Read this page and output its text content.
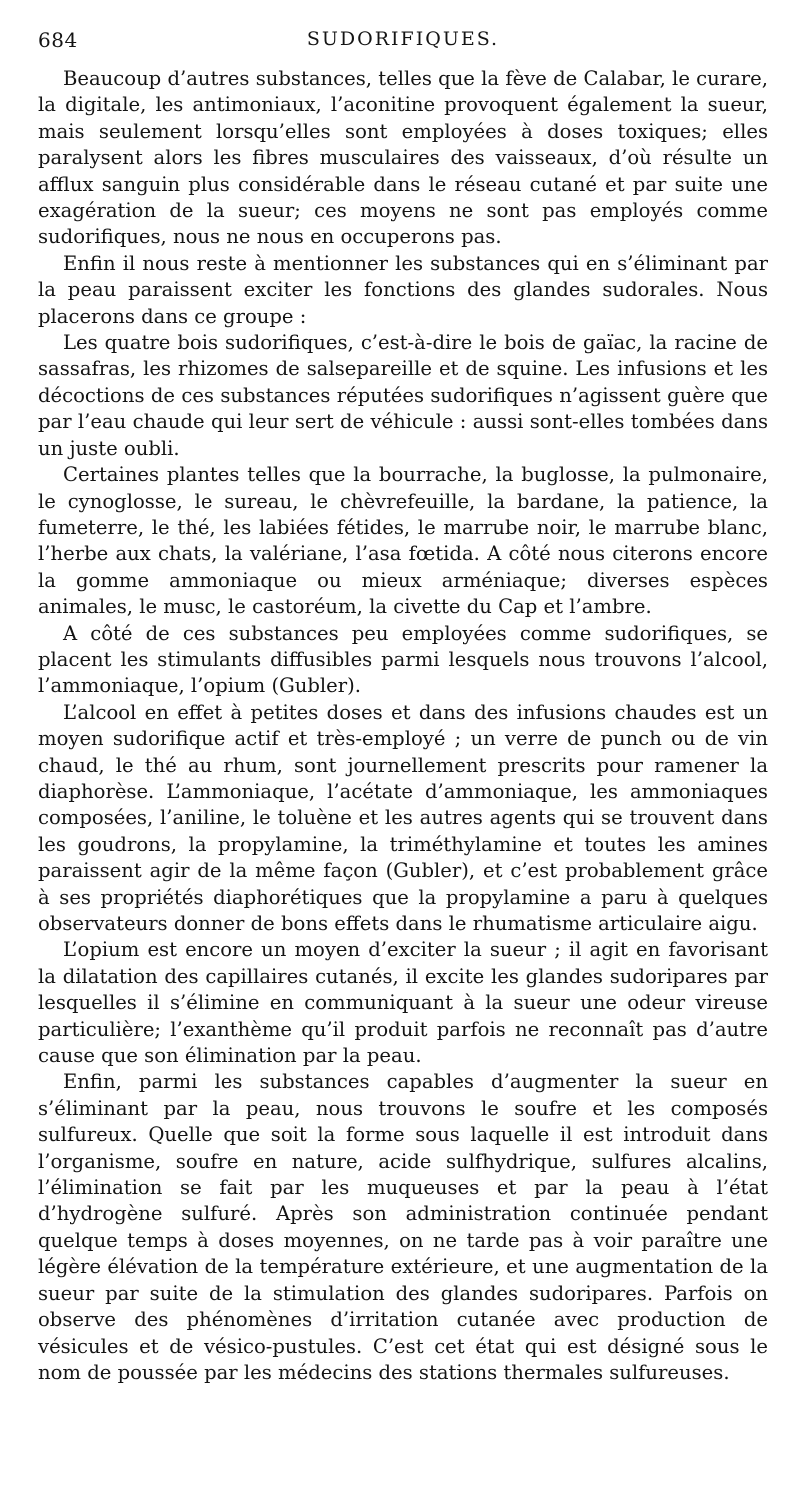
684	SUDORIFIQUES.

Beaucoup d’autres substances, telles que la fève de Calabar, le curare, la digitale, les antimoniaux, l’aconitine provoquent également la sueur, mais seulement lorsqu’elles sont employées à doses toxiques; elles paralysent alors les fibres musculaires des vaisseaux, d’où résulte un afflux sanguin plus considérable dans le réseau cutané et par suite une exagération de la sueur; ces moyens ne sont pas employés comme sudorifiques, nous ne nous en occuperons pas.

Enfin il nous reste à mentionner les substances qui en s’éliminant par la peau paraissent exciter les fonctions des glandes sudorales. Nous placerons dans ce groupe :

Les quatre bois sudorifiques, c’est-à-dire le bois de gaïac, la racine de sassafras, les rhizomes de salsepareille et de squine. Les infusions et les décoctions de ces substances réputées sudorifiques n’agissent guère que par l’eau chaude qui leur sert de véhicule : aussi sont-elles tombées dans un juste oubli.

Certaines plantes telles que la bourrache, la buglosse, la pulmonaire, le cynoglosse, le sureau, le chèvrefeuille, la bardane, la patience, la fumeterre, le thé, les labiées fétides, le marrube noir, le marrube blanc, l’herbe aux chats, la valériane, l’asa fœtida. A côté nous citerons encore la gomme ammoniaque ou mieux arméniaque; diverses espèces animales, le musc, le castoréum, la civette du Cap et l’ambre.

A côté de ces substances peu employées comme sudorifiques, se placent les stimulants diffusibles parmi lesquels nous trouvons l’alcool, l’ammoniaque, l’opium (Gubler).

L’alcool en effet à petites doses et dans des infusions chaudes est un moyen sudorifique actif et très-employé ; un verre de punch ou de vin chaud, le thé au rhum, sont journellement prescrits pour ramener la diaphorèse. L’ammoniaque, l’acétate d’ammoniaque, les ammoniaques composées, l’aniline, le toluène et les autres agents qui se trouvent dans les goudrons, la propylamine, la triméthylamine et toutes les amines paraissent agir de la même façon (Gubler), et c’est probablement grâce à ses propriétés diaphorétiques que la propylamine a paru à quelques observateurs donner de bons effets dans le rhumatisme articulaire aigu.

L’opium est encore un moyen d’exciter la sueur ; il agit en favorisant la dilatation des capillaires cutanés, il excite les glandes sudoripares par lesquelles il s’élimine en communiquant à la sueur une odeur vireuse particulière; l’exanthème qu’il produit parfois ne reconnaît pas d’autre cause que son élimination par la peau.

Enfin, parmi les substances capables d’augmenter la sueur en s’éliminant par la peau, nous trouvons le soufre et les composés sulfureux. Quelle que soit la forme sous laquelle il est introduit dans l’organisme, soufre en nature, acide sulfhydrique, sulfures alcalins, l’élimination se fait par les muqueuses et par la peau à l’état d’hydrogène sulfuré. Après son administration continuée pendant quelque temps à doses moyennes, on ne tarde pas à voir paraître une légère élévation de la température extérieure, et une augmentation de la sueur par suite de la stimulation des glandes sudoripares. Parfois on observe des phénomènes d’irritation cutanée avec production de vésicules et de vésico-pustules. C’est cet état qui est désigné sous le nom de poussée par les médecins des stations thermales sulfureuses.
